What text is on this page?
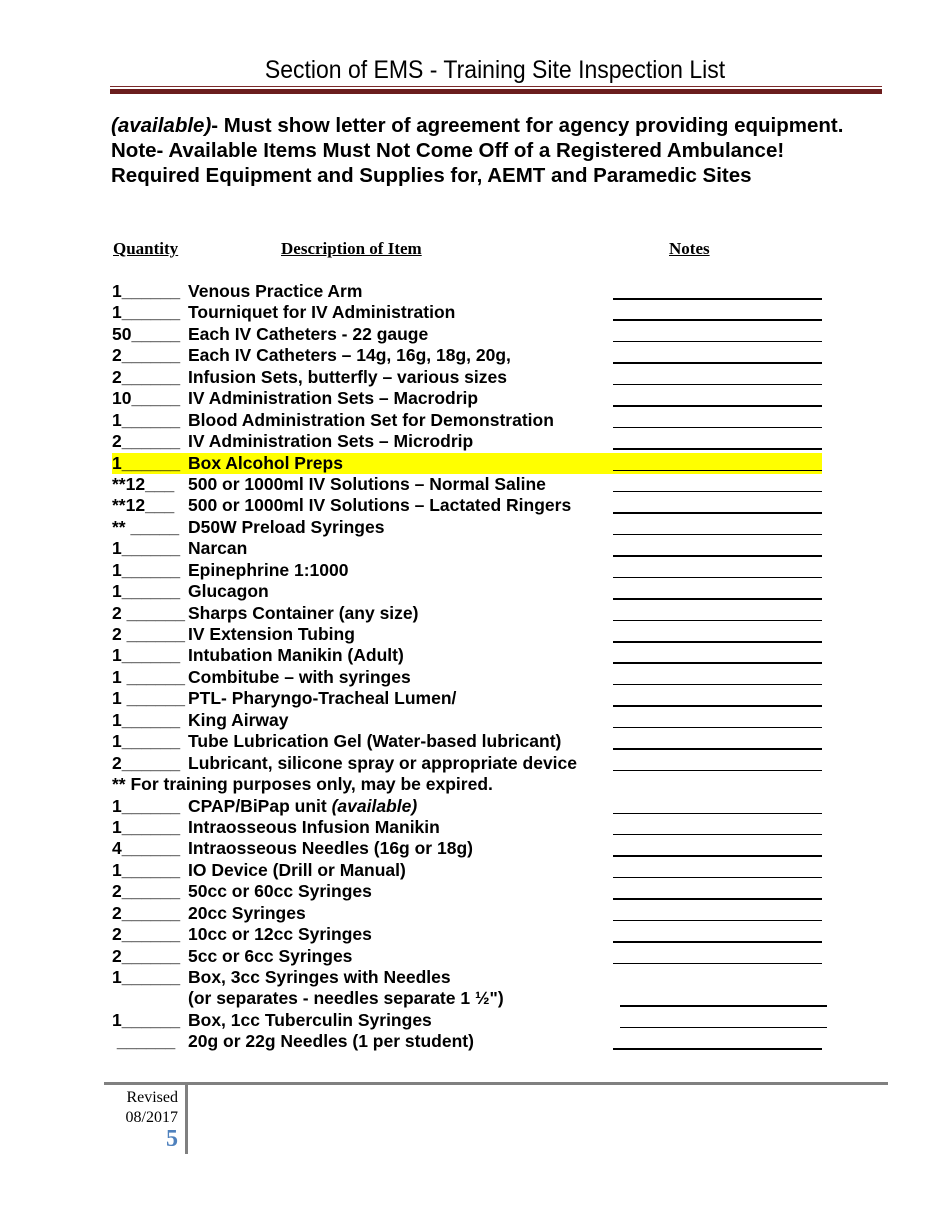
Section of EMS - Training Site Inspection List
(available)- Must show letter of agreement for agency providing equipment.
Note- Available Items Must Not Come Off of a Registered Ambulance!
Required Equipment and Supplies for, AEMT and Paramedic Sites
Quantity	Description of Item	Notes
1______ Venous Practice Arm
1______ Tourniquet for IV Administration
50_____ Each IV Catheters - 22 gauge
2______ Each IV Catheters – 14g, 16g, 18g, 20g,
2______ Infusion Sets, butterfly – various sizes
10_____ IV Administration Sets – Macrodrip
1______ Blood Administration Set for Demonstration
2______ IV Administration Sets – Microdrip
1______ Box Alcohol Preps
**12___ 500 or 1000ml IV Solutions – Normal Saline
**12___ 500 or 1000ml IV Solutions – Lactated Ringers
** _____ D50W Preload Syringes
1______ Narcan
1______ Epinephrine 1:1000
1______ Glucagon
2 ______ Sharps Container (any size)
2 ______ IV Extension Tubing
1______ Intubation Manikin (Adult)
1 ______ Combitube – with syringes
1 ______ PTL- Pharyngo-Tracheal Lumen/
1______ King Airway
1______ Tube Lubrication Gel (Water-based lubricant)
2______ Lubricant, silicone spray or appropriate device
** For training purposes only, may be expired.
1______ CPAP/BiPap unit (available)
1______ Intraosseous Infusion Manikin
4______ Intraosseous Needles (16g or 18g)
1______ IO Device (Drill or Manual)
2______ 50cc or 60cc Syringes
2______ 20cc Syringes
2______ 10cc or 12cc Syringes
2______ 5cc or 6cc Syringes
1______ Box, 3cc Syringes with Needles
(or separates - needles separate 1 ½")
1______ Box, 1cc Tuberculin Syringes
______ 20g or 22g Needles (1 per student)
Revised
08/2017
5
